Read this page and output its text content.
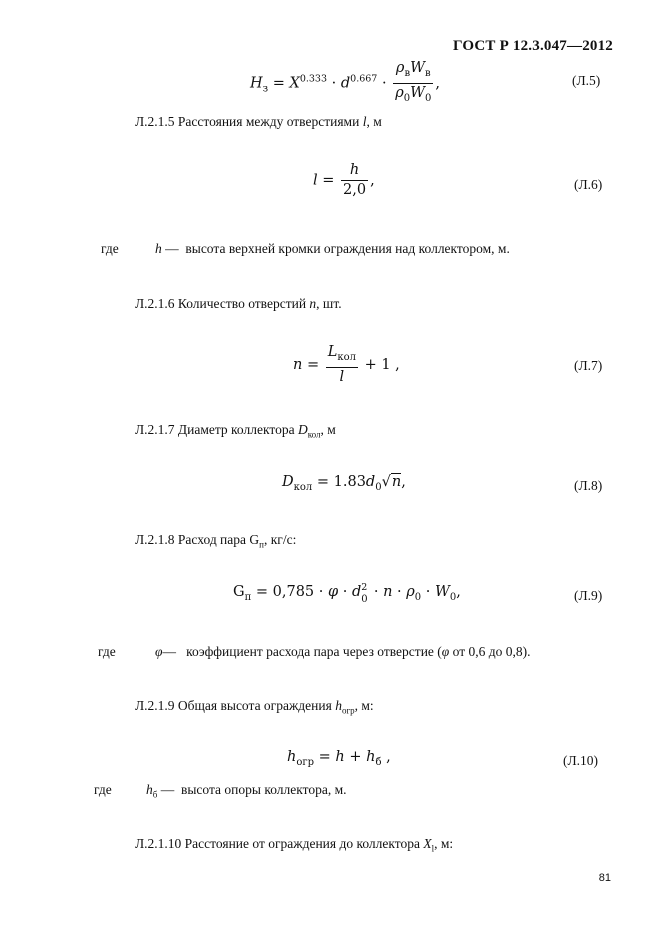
ГОСТ Р 12.3.047—2012
$H_з = X^{0.333} \cdot d^{0.667} \cdot \frac{\rho_вW_в}{\rho_0W_0}$ ,	(Л.5)
Л.2.1.5 Расстояния между отверстиями l, м
$l = \frac{h}{2,0}$ ,	(Л.6)
где	h — высота верхней кромки ограждения над коллектором, м.
Л.2.1.6 Количество отверстий n, шт.
$n = \frac{L_{кол}}{l} + 1$ ,	(Л.7)
Л.2.1.7 Диаметр коллектора $D_{кол}$, м
$D_{кол} = 1.83d_0√n$,	(Л.8)
Л.2.1.8 Расход пара $G_п$, кг/с:
$G_п = 0,785 \cdot \varphi \cdot d$ 2
$0 \cdot n \cdot \rho_0 \cdot W_0$,	(Л.9)
где	φ— коэффициент расхода пара через отверстие (φ от 0,6 до 0,8).
Л.2.1.9 Общая высота ограждения $h_{огр}$, м:
$h_{огр} = h + h_б$ ,	(Л.10)
где	$h_б$ — высота опоры коллектора, м.
Л.2.1.10 Расстояние от ограждения до коллектора $X_l$, м:
81
